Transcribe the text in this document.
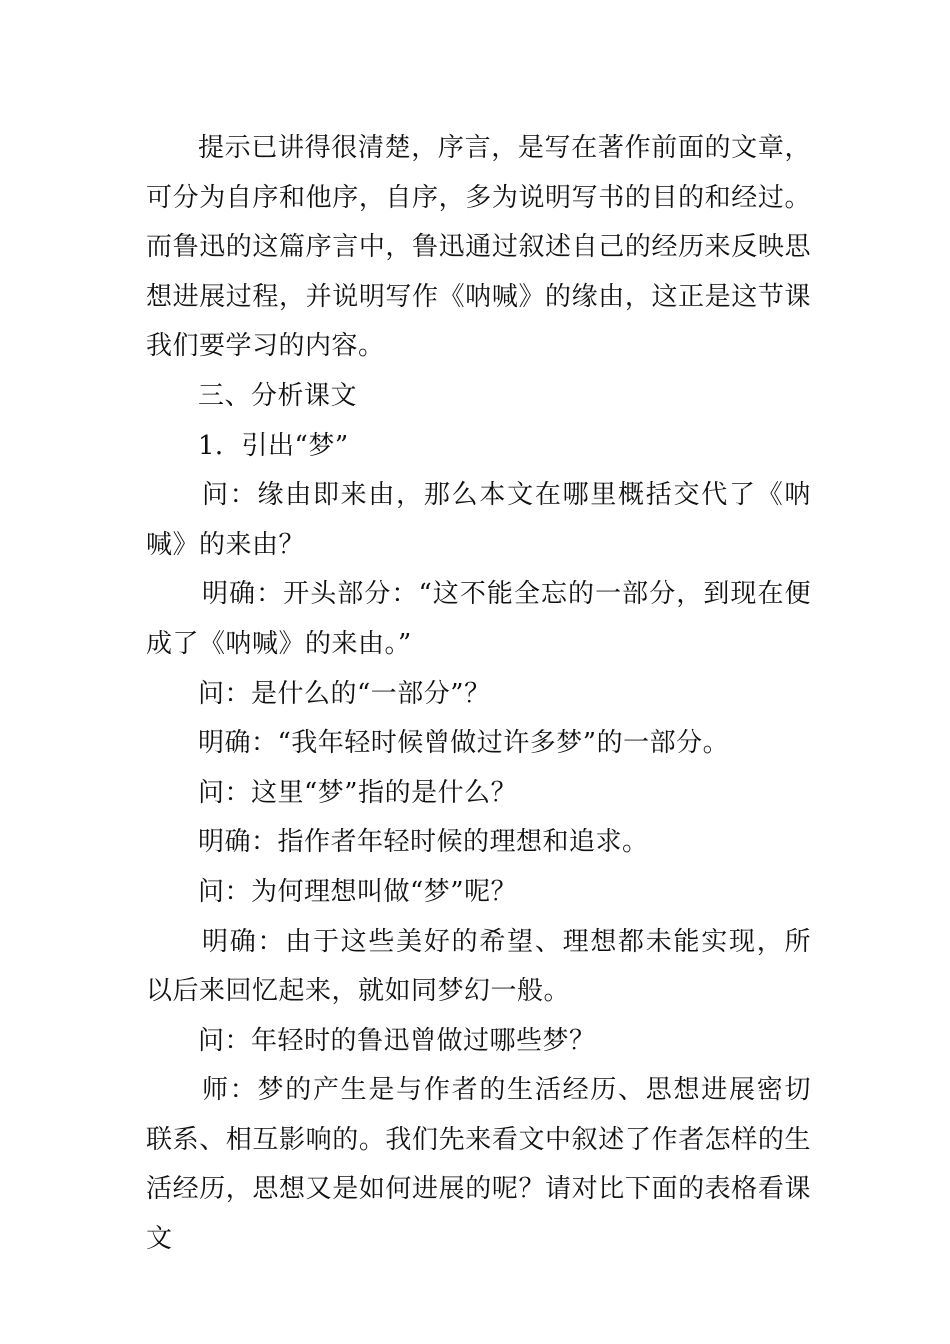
提示已讲得很清楚，序言，是写在著作前面的文章，可分为自序和他序，自序，多为说明写书的目的和经过。而鲁迅的这篇序言中，鲁迅通过叙述自己的经历来反映思想进展过程，并说明写作《呐喊》的缘由，这正是这节课我们要学习的内容。

三、分析课文

1．引出“梦”

问：缘由即来由，那么本文在哪里概括交代了《呐喊》的来由？

明确：开头部分：“这不能全忘的一部分，到现在便成了《呐喊》的来由。”

问：是什么的“一部分”？

明确：“我年轻时候曾做过许多梦”的一部分。

问：这里“梦”指的是什么？

明确：指作者年轻时候的理想和追求。

问：为何理想叫做“梦”呢？

明确：由于这些美好的希望、理想都未能实现，所以后来回忆起来，就如同梦幻一般。

问：年轻时的鲁迅曾做过哪些梦？

师：梦的产生是与作者的生活经历、思想进展密切联系、相互影响的。我们先来看文中叙述了作者怎样的生活经历，思想又是如何进展的呢？请对比下面的表格看课文
